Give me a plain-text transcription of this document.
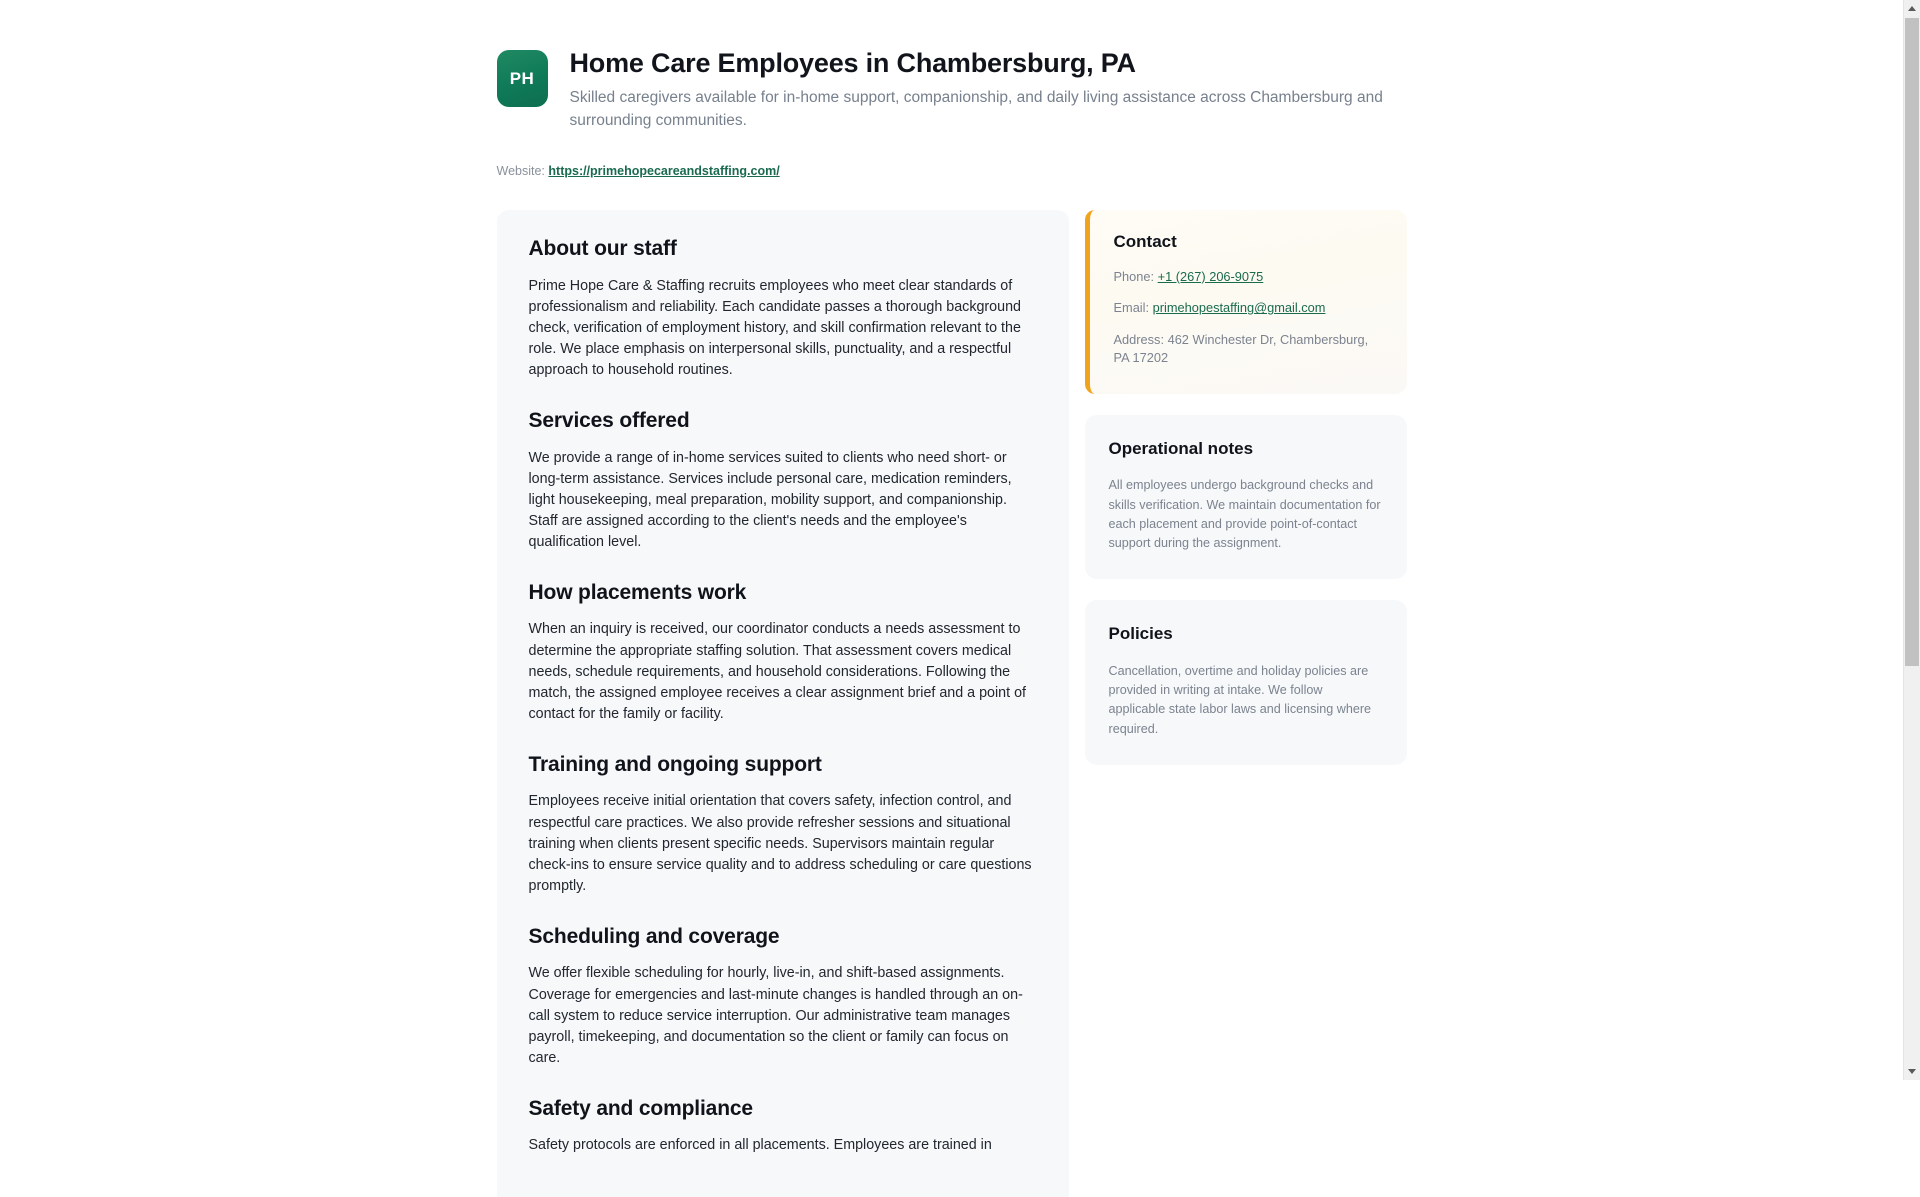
PH Home Care Employees in Chambersburg, PA

Skilled caregivers available for in-home support, companionship, and daily living assistance across Chambersburg and surrounding communities.

Website: https://primehopecareandstaffing.com/
About our staff

Prime Hope Care & Staffing recruits employees who meet clear standards of professionalism and reliability. Each candidate passes a thorough background check, verification of employment history, and skill confirmation relevant to the role. We place emphasis on interpersonal skills, punctuality, and a respectful approach to household routines.

Services offered

We provide a range of in-home services suited to clients who need short- or long-term assistance. Services include personal care, medication reminders, light housekeeping, meal preparation, mobility support, and companionship. Staff are assigned according to the client's needs and the employee's qualification level.

How placements work

When an inquiry is received, our coordinator conducts a needs assessment to determine the appropriate staffing solution. That assessment covers medical needs, schedule requirements, and household considerations. Following the match, the assigned employee receives a clear assignment brief and a point of contact for the family or facility.

Training and ongoing support

Employees receive initial orientation that covers safety, infection control, and respectful care practices. We also provide refresher sessions and situational training when clients present specific needs. Supervisors maintain regular check-ins to ensure service quality and to address scheduling or care questions promptly.

Scheduling and coverage

We offer flexible scheduling for hourly, live-in, and shift-based assignments. Coverage for emergencies and last-minute changes is handled through an on-call system to reduce service interruption. Our administrative team manages payroll, timekeeping, and documentation so the client or family can focus on care.

Safety and compliance

Safety protocols are enforced in all placements. Employees are trained in

Contact

Phone: +1 (267) 206-9075

Email: primehopestaffing@gmail.com

Address: 462 Winchester Dr, Chambersburg, PA 17202

Operational notes

All employees undergo background checks and skills verification. We maintain documentation for each placement and provide point-of-contact support during the assignment.

Policies

Cancellation, overtime and holiday policies are provided in writing at intake. We follow applicable state labor laws and licensing where required.
